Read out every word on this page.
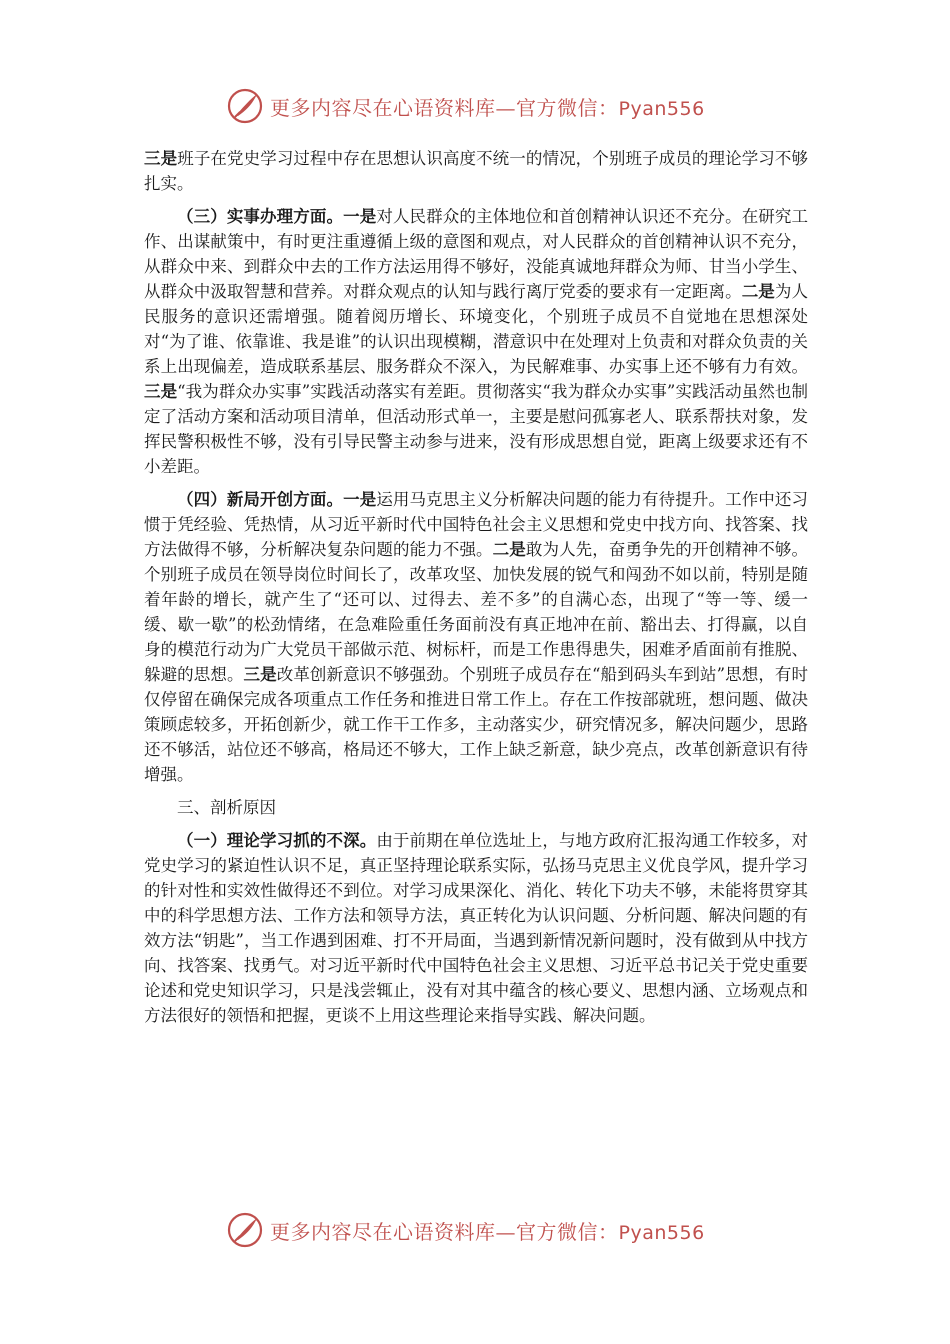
更多内容尽在心语资料库—官方微信：Pyan556

三是班子在党史学习过程中存在思想认识高度不统一的情况，个别班子成员的理论学习不够扎实。

（三）实事办理方面。一是对人民群众的主体地位和首创精神认识还不充分。在研究工作、出谋献策中，有时更注重遵循上级的意图和观点，对人民群众的首创精神认识不充分，从群众中来、到群众中去的工作方法运用得不够好，没能真诚地拜群众为师、甘当小学生、从群众中汲取智慧和营养。对群众观点的认知与践行离厅党委的要求有一定距离。二是为人民服务的意识还需增强。随着阅历增长、环境变化，个别班子成员不自觉地在思想深处对“为了谁、依靠谁、我是谁”的认识出现模糊，潜意识中在处理对上负责和对群众负责的关系上出现偏差，造成联系基层、服务群众不深入，为民解难事、办实事上还不够有力有效。三是“我为群众办实事”实践活动落实有差距。贯彻落实“我为群众办实事”实践活动虽然也制定了活动方案和活动项目清单，但活动形式单一，主要是慰问孤寡老人、联系帮扶对象，发挥民警积极性不够，没有引导民警主动参与进来，没有形成思想自觉，距离上级要求还有不小差距。

（四）新局开创方面。一是运用马克思主义分析解决问题的能力有待提升。工作中还习惯于凭经验、凭热情，从习近平新时代中国特色社会主义思想和党史中找方向、找答案、找方法做得不够，分析解决复杂问题的能力不强。二是敢为人先，奋勇争先的开创精神不够。个别班子成员在领导岗位时间长了，改革攻坚、加快发展的锐气和闯劲不如以前，特别是随着年龄的增长，就产生了“还可以、过得去、差不多”的自满心态，出现了“等一等、缓一缓、歇一歇”的松劲情绪，在急难险重任务面前没有真正地冲在前、豁出去、打得赢，以自身的模范行动为广大党员干部做示范、树标杆，而是工作患得患失，困难矛盾面前有推脱、躲避的思想。三是改革创新意识不够强劲。个别班子成员存在“船到码头车到站”思想，有时仅停留在确保完成各项重点工作任务和推进日常工作上。存在工作按部就班，想问题、做决策顾虑较多，开拓创新少，就工作干工作多，主动落实少，研究情况多，解决问题少，思路还不够活，站位还不够高，格局还不够大，工作上缺乏新意，缺少亮点，改革创新意识有待增强。

三、剖析原因

（一）理论学习抓的不深。由于前期在单位选址上，与地方政府汇报沟通工作较多，对党史学习的紧迫性认识不足，真正坚持理论联系实际，弘扬马克思主义优良学风，提升学习的针对性和实效性做得还不到位。对学习成果深化、消化、转化下功夫不够，未能将贯穿其中的科学思想方法、工作方法和领导方法，真正转化为认识问题、分析问题、解决问题的有效方法“钥匙”，当工作遇到困难、打不开局面，当遇到新情况新问题时，没有做到从中找方向、找答案、找勇气。对习近平新时代中国特色社会主义思想、习近平总书记关于党史重要论述和党史知识学习，只是浅尝辄止，没有对其中蕴含的核心要义、思想内涵、立场观点和方法很好的领悟和把握，更谈不上用这些理论来指导实践、解决问题。

更多内容尽在心语资料库—官方微信：Pyan556
